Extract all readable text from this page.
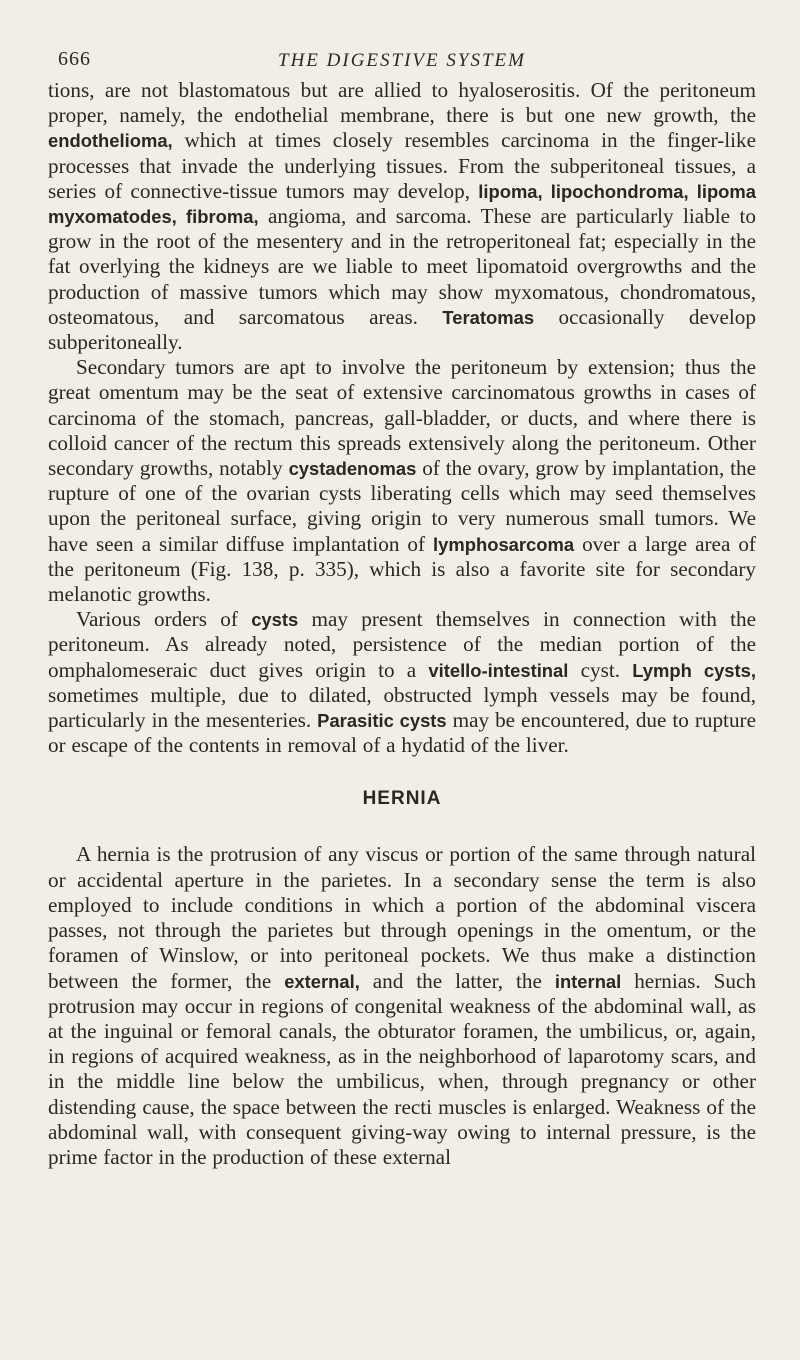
666	THE DIGESTIVE SYSTEM

tions, are not blastomatous but are allied to hyaloserositis. Of the peritoneum proper, namely, the endothelial membrane, there is but one new growth, the endothelioma, which at times closely resembles carcinoma in the finger-like processes that invade the underlying tissues. From the subperitoneal tissues, a series of connective-tissue tumors may develop, lipoma, lipochondroma, lipoma myxomatodes, fibroma, angioma, and sarcoma. These are particularly liable to grow in the root of the mesentery and in the retroperitoneal fat; especially in the fat overlying the kidneys are we liable to meet lipomatoid overgrowths and the production of massive tumors which may show myxomatous, chondromatous, osteomatous, and sarcomatous areas. Teratomas occasionally develop subperitoneally.

Secondary tumors are apt to involve the peritoneum by extension; thus the great omentum may be the seat of extensive carcinomatous growths in cases of carcinoma of the stomach, pancreas, gall-bladder, or ducts, and where there is colloid cancer of the rectum this spreads extensively along the peritoneum. Other secondary growths, notably cystadenomas of the ovary, grow by implantation, the rupture of one of the ovarian cysts liberating cells which may seed themselves upon the peritoneal surface, giving origin to very numerous small tumors. We have seen a similar diffuse implantation of lymphosarcoma over a large area of the peritoneum (Fig. 138, p. 335), which is also a favorite site for secondary melanotic growths.

Various orders of cysts may present themselves in connection with the peritoneum. As already noted, persistence of the median portion of the omphalomeseraic duct gives origin to a vitello-intestinal cyst. Lymph cysts, sometimes multiple, due to dilated, obstructed lymph vessels may be found, particularly in the mesenteries. Parasitic cysts may be encountered, due to rupture or escape of the contents in removal of a hydatid of the liver.

HERNIA

A hernia is the protrusion of any viscus or portion of the same through natural or accidental aperture in the parietes. In a secondary sense the term is also employed to include conditions in which a portion of the abdominal viscera passes, not through the parietes but through openings in the omentum, or the foramen of Winslow, or into peritoneal pockets. We thus make a distinction between the former, the external, and the latter, the internal hernias. Such protrusion may occur in regions of congenital weakness of the abdominal wall, as at the inguinal or femoral canals, the obturator foramen, the umbilicus, or, again, in regions of acquired weakness, as in the neighborhood of laparotomy scars, and in the middle line below the umbilicus, when, through pregnancy or other distending cause, the space between the recti muscles is enlarged. Weakness of the abdominal wall, with consequent giving-way owing to internal pressure, is the prime factor in the production of these external
